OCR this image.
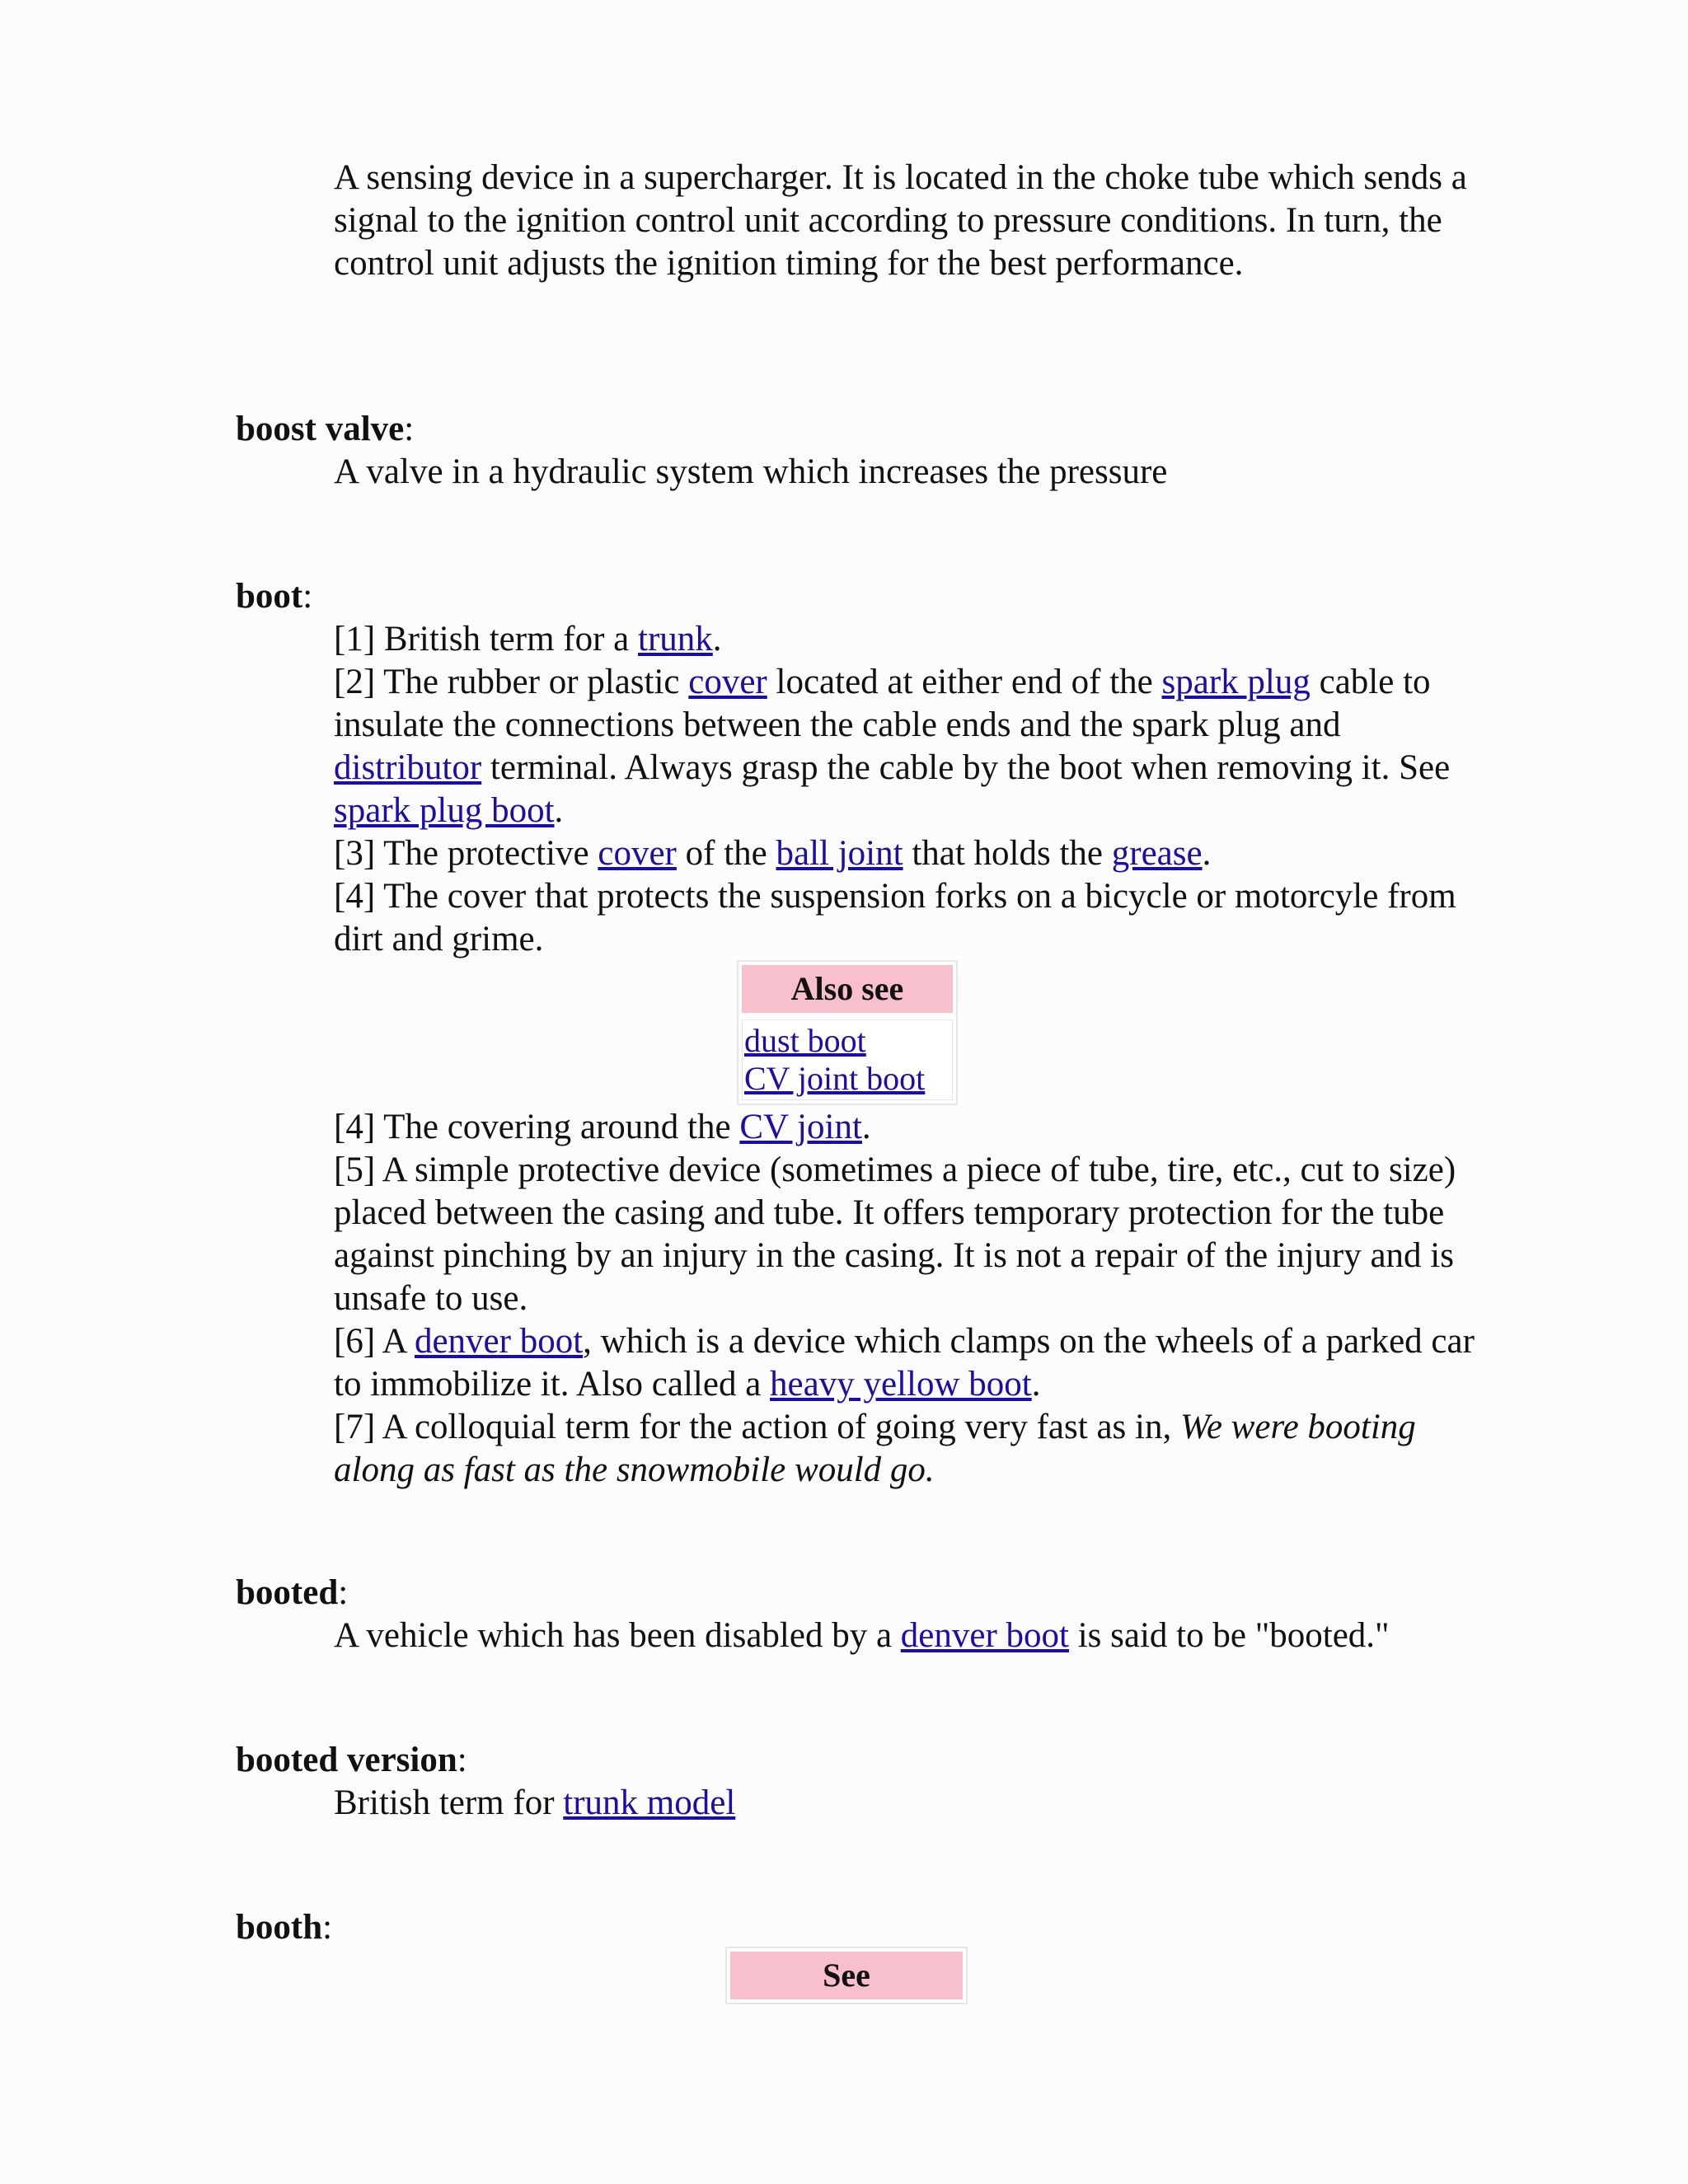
A sensing device in a supercharger. It is located in the choke tube which sends a signal to the ignition control unit according to pressure conditions. In turn, the control unit adjusts the ignition timing for the best performance.
boost valve:
A valve in a hydraulic system which increases the pressure
boot:
[1] British term for a trunk.
[2] The rubber or plastic cover located at either end of the spark plug cable to insulate the connections between the cable ends and the spark plug and distributor terminal. Always grasp the cable by the boot when removing it. See spark plug boot.
[3] The protective cover of the ball joint that holds the grease.
[4] The cover that protects the suspension forks on a bicycle or motorcyle from dirt and grime.
Also see
dust boot
CV joint boot
[4] The covering around the CV joint.
[5] A simple protective device (sometimes a piece of tube, tire, etc., cut to size) placed between the casing and tube. It offers temporary protection for the tube against pinching by an injury in the casing. It is not a repair of the injury and is unsafe to use.
[6] A denver boot, which is a device which clamps on the wheels of a parked car to immobilize it. Also called a heavy yellow boot.
[7] A colloquial term for the action of going very fast as in, We were booting along as fast as the snowmobile would go.
booted:
A vehicle which has been disabled by a denver boot is said to be "booted."
booted version:
British term for trunk model
booth:
See
